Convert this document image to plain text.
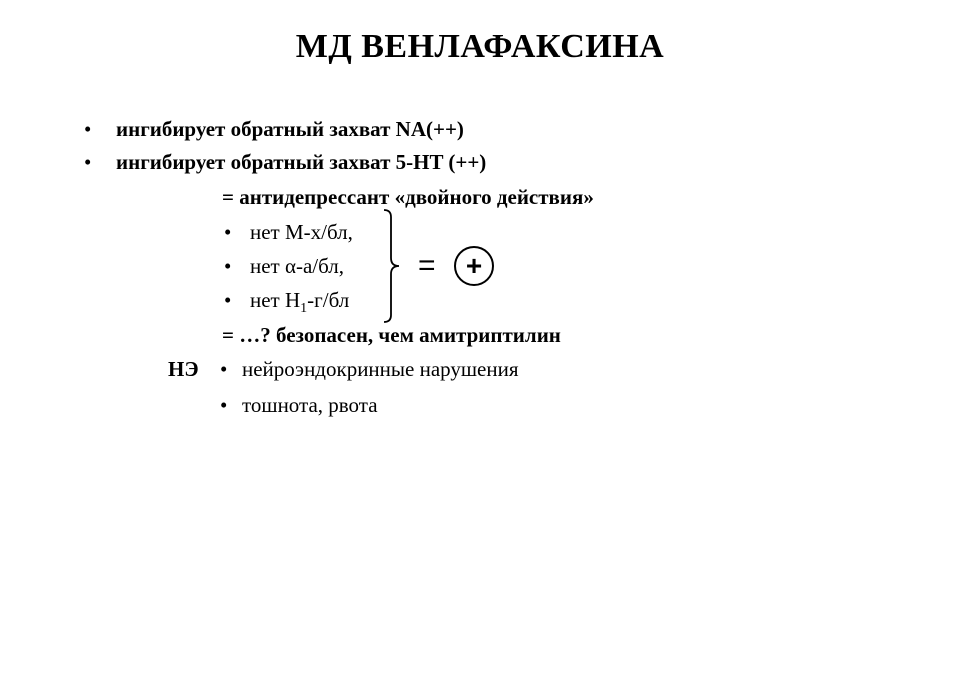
МД ВЕНЛАФАКСИНА
• ингибирует обратный захват NA(++)
• ингибирует обратный захват 5-HT (++)
= антидепрессант «двойного действия»
• нет М-х/бл,
• нет α-а/бл,
• нет $H_1-г/бл$
= +
= …? безопасен, чем амитриптилин
НЭ • нейроэндокринные нарушения
• тошнота, рвота
